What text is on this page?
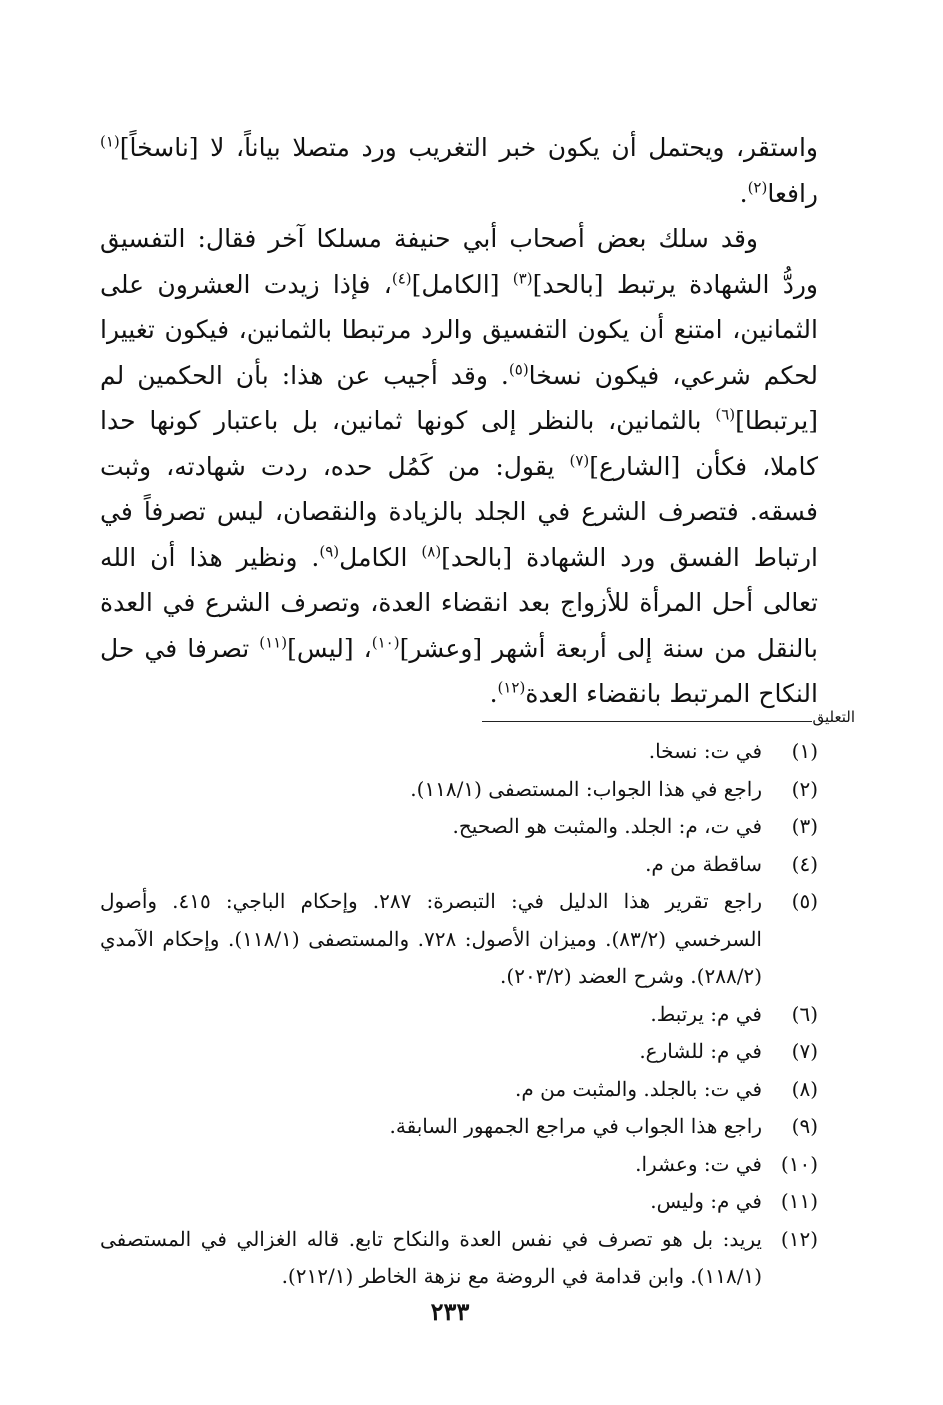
واستقر، ويحتمل أن يكون خبر التغريب ورد متصلا بياناً، لا [ناسخاً]$^{(١)}$ رافعا$^{(٢)}$.

وقد سلك بعض أصحاب أبي حنيفة مسلكا آخر فقال: التفسيق وردُّ الشهادة يرتبط [بالحد]$^{(٣)}$ [الكامل]$^{(٤)}$، فإذا زيدت العشرون على الثمانين، امتنع أن يكون التفسيق والرد مرتبطا بالثمانين، فيكون تغييرا لحكم شرعي، فيكون نسخا$^{(٥)}$. وقد أجيب عن هذا: بأن الحكمين لم [يرتبطا]$^{(٦)}$ بالثمانين، بالنظر إلى كونها ثمانين، بل باعتبار كونها حدا كاملا، فكأن [الشارع]$^{(٧)}$ يقول: من كَمُل حده، ردت شهادته، وثبت فسقه. فتصرف الشرع في الجلد بالزيادة والنقصان، ليس تصرفاً في ارتباط الفسق ورد الشهادة [بالحد]$^{(٨)}$ الكامل$^{(٩)}$. ونظير هذا أن الله تعالى أحل المرأة للأزواج بعد انقضاء العدة، وتصرف الشرع في العدة بالنقل من سنة إلى أربعة أشهر [وعشر]$^{(١٠)}$، [ليس]$^{(١١)}$ تصرفا في حل النكاح المرتبط بانقضاء العدة$^{(١٢)}$.

التعليق
(١)
في ت: نسخا.
(٢)
راجع في هذا الجواب: المستصفى (١١٨/١).
(٣)
في ت، م: الجلد. والمثبت هو الصحيح.
(٤)
ساقطة من م.
(٥)
راجع تقرير هذا الدليل في: التبصرة: ٢٨٧. وإحكام الباجي: ٤١٥. وأصول السرخسي (٨٣/٢). وميزان الأصول: ٧٢٨. والمستصفى (١١٨/١). وإحكام الآمدي (٢٨٨/٢). وشرح العضد (٢٠٣/٢).
(٦)
في م: يرتبط.
(٧)
في م: للشارع.
(٨)
في ت: بالجلد. والمثبت من م.
(٩)
راجع هذا الجواب في مراجع الجمهور السابقة.
(١٠)
في ت: وعشرا.
(١١)
في م: وليس.
(١٢)
يريد: بل هو تصرف في نفس العدة والنكاح تابع. قاله الغزالي في المستصفى (١١٨/١). وابن قدامة في الروضة مع نزهة الخاطر (٢١٢/١).
٢٣٣
